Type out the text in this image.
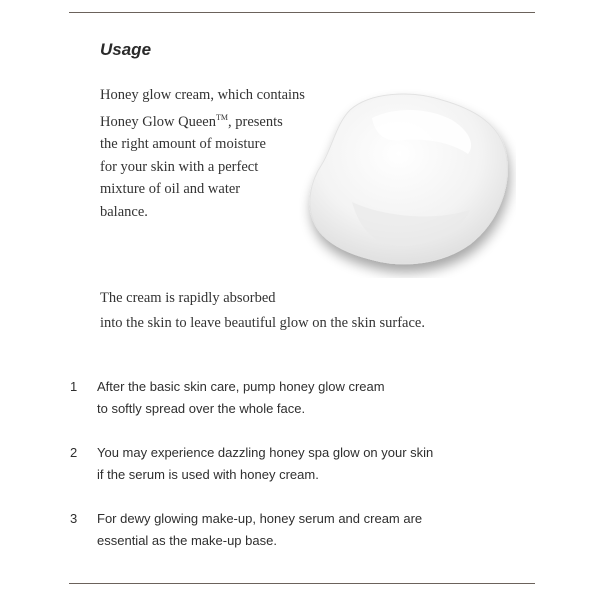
Usage

Honey glow cream, which contains
Honey Glow Queen™, presents
the right amount of moisture
for your skin with a perfect
mixture of oil and water
balance.

The cream is rapidly absorbed
into the skin to leave beautiful glow on the skin surface.

1	After the basic skin care, pump honey glow cream
to softly spread over the whole face.
2	You may experience dazzling honey spa glow on your skin
if the serum is used with honey cream.
3	For dewy glowing make-up, honey serum and cream are
essential as the make-up base.
